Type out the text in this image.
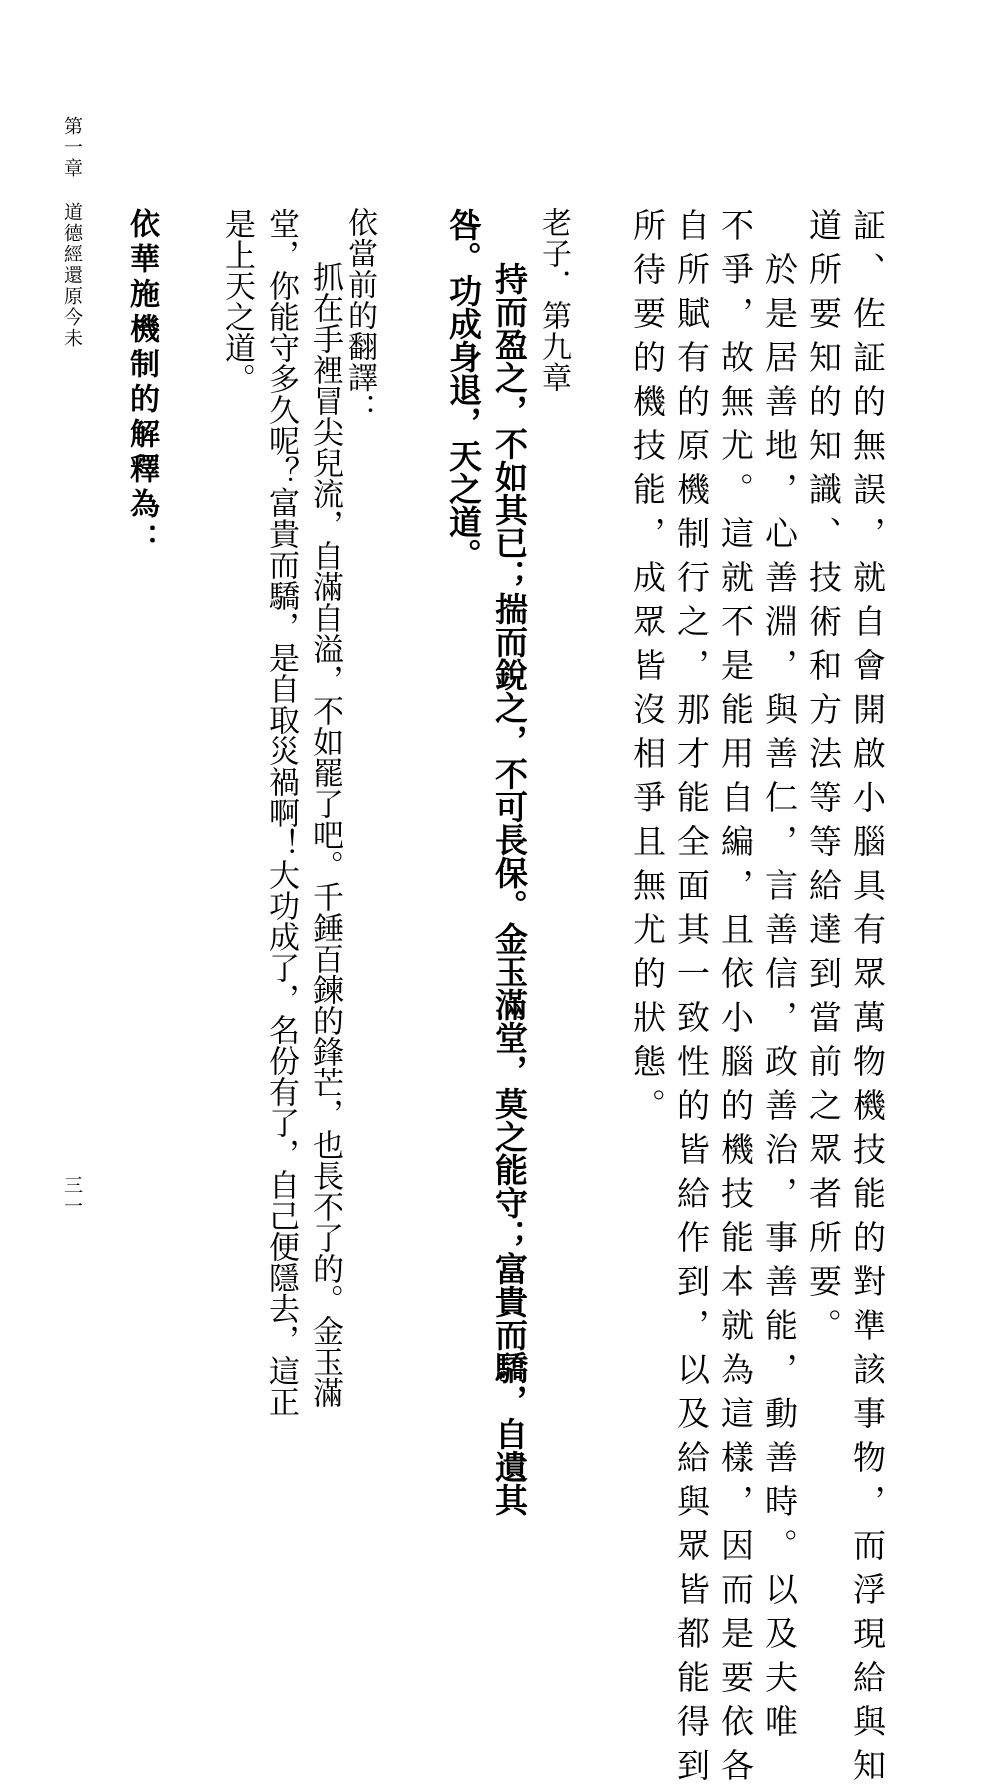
証、佐証的無誤，就自會開啟小腦具有眾萬物機技能的對準該事物，而浮現給與知
道所要知的知識、技術和方法等等給達到當前之眾者所要。
　於是居善地，心善淵，與善仁，言善信，政善治，事善能，動善時。以及夫唯
不爭，故無尤。這就不是能用自編，且依小腦的機技能本就為這樣，因而是要依各
自所賦有的原機制行之，那才能全面其一致性的皆給作到，以及給與眾皆都能得到
所待要的機技能，成眾皆沒相爭且無尤的狀態。
老子．第九章
持而盈之，不如其已；揣而銳之，不可長保。金玉滿堂，莫之能守；富貴而驕，自遺其
咎。功成身退，天之道。
依當前的翻譯：
　抓在手裡冒尖兒流，自滿自溢，不如罷了吧。千錘百鍊的鋒芒，也長不了的。金玉滿
堂，你能守多久呢？富貴而驕，是自取災禍啊！大功成了，名份有了，自己便隱去，這正
是上天之道。
依華施機制的解釋為：
第一章
道德經還原今未
三一
